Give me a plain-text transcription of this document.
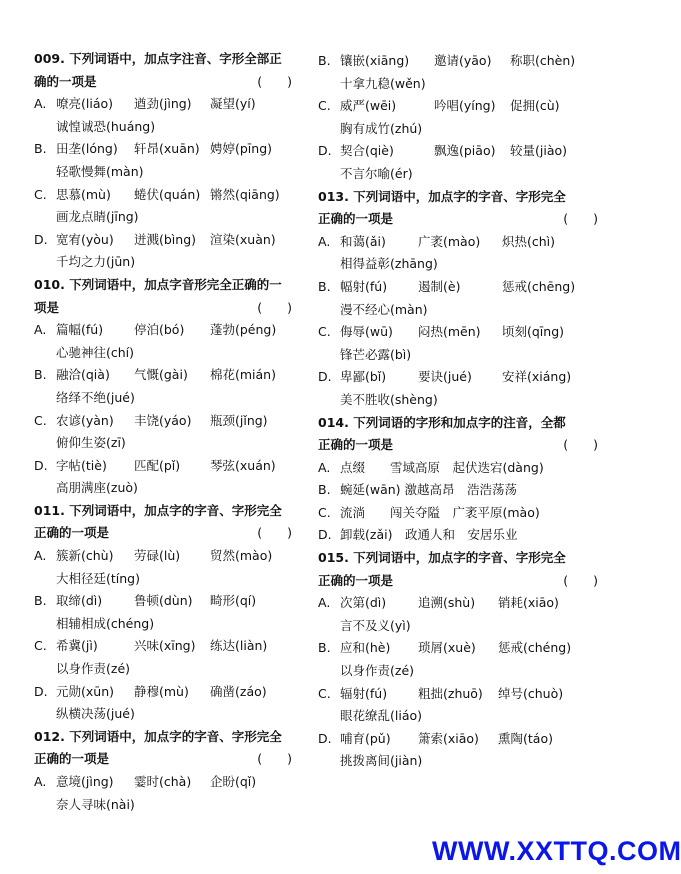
009. 下列词语中，加点字注音、字形全部正

确的一项是	(　　)

A. 嘹亮(liáo) 遒劲(jìng) 凝望(yí)
诚惶诚恐(huáng)
B. 田垄(lóng) 轩昂(xuān) 娉婷(pīng)
轻歌慢舞(màn)
C. 思慕(mù) 蜷伏(quán) 锵然(qiāng)
画龙点睛(jīng)
D. 宽宥(yòu) 迸溅(bìng) 渲染(xuàn)
千均之力(jūn)

010. 下列词语中，加点字音形完全正确的一

项是	(　　)

A. 篇幅(fú) 停泊(bó) 蓬勃(péng)
心驰神往(chí)
B. 融洽(qià) 气慨(gài) 棉花(mián)
络绎不绝(jué)
C. 农谚(yàn) 丰饶(yáo) 瓶颈(jǐng)
俯仰生姿(zī)
D. 字帖(tiè) 匹配(pǐ) 琴弦(xuán)
高朋满座(zuò)

011. 下列词语中，加点字的字音、字形完全

正确的一项是	(　　)

A. 簇新(chù) 劳碌(lù) 贸然(mào)
大相径廷(tíng)
B. 取缔(dì)	鲁顿(dùn) 畸形(qí)
相辅相成(chéng)
C. 希冀(jì)	兴味(xīng) 练达(liàn)
以身作责(zé)
D. 元勋(xūn) 静穆(mù) 确凿(záo)
纵横决荡(jué)

012. 下列词语中，加点字的字音、字形完全

正确的一项是	(　　)

A. 意境(jìng) 霎时(chà) 企盼(qǐ)
奈人寻味(nài)
B. 镶嵌(xiāng) 邀请(yāo) 称职(chèn)
十拿九稳(wěn)
C. 威严(wēi)	吟唱(yíng) 促拥(cù)
胸有成竹(zhú)
D. 契合(qiè)	飘逸(piāo) 较量(jiào)
不言尔喻(ér)

013. 下列词语中，加点字的字音、字形完全

正确的一项是	(　　)

A. 和蔼(ǎi)	广袤(mào) 炽热(chì)
相得益彰(zhāng)
B. 幅射(fú) 遏制(è)	惩戒(chēng)
漫不经心(màn)
C. 侮辱(wū) 闷热(mēn) 顷刻(qīng)
锋芒必露(bì)
D. 卑鄙(bǐ)	要诀(jué) 安祥(xiáng)
美不胜收(shèng)

014. 下列词语的字形和加点字的注音，全都

正确的一项是	(　　)

A. 点缀　　雪域高原　起伏迭宕(dàng)
B. 蜿延(wān) 激越高昂　浩浩荡荡
C. 流淌　　闯关夺隘　广袤平原(mào)
D. 卸载(zǎi)　政通人和　安居乐业

015. 下列词语中，加点字的字音、字形完全

正确的一项是	(　　)

A. 次第(dì)	追溯(shù) 销耗(xiāo)
言不及义(yì)
B. 应和(hè) 琐屑(xuè) 惩戒(chéng)
以身作责(zé)
C. 辐射(fú) 粗拙(zhuō) 绰号(chuò)
眼花缭乱(liáo)
D. 哺育(pǔ) 箫索(xiāo) 熏陶(táo)
挑拨离间(jiàn)
WWW.XXTTQ.COM
